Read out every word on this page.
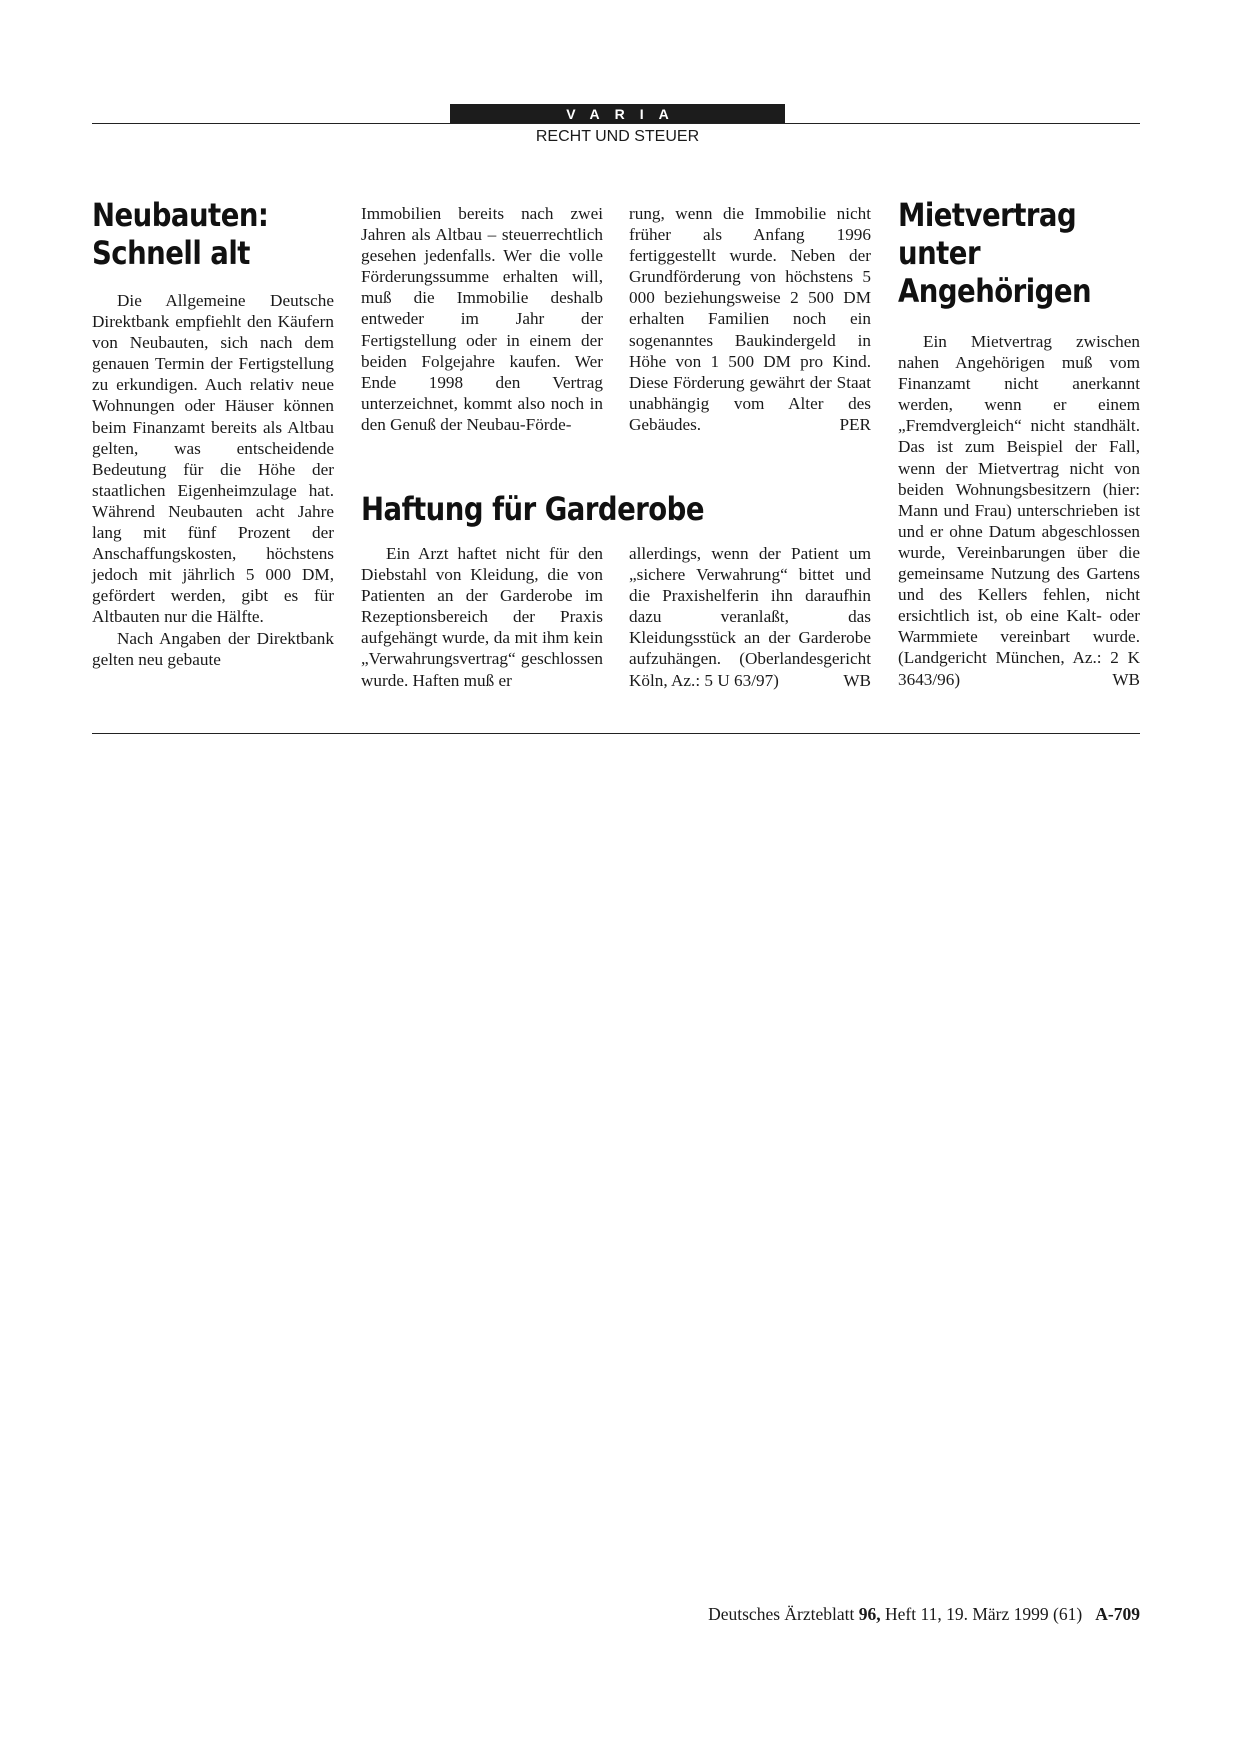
VARIA
RECHT UND STEUER
Neubauten:
Schnell alt

Die Allgemeine Deutsche Direktbank empfiehlt den Käufern von Neubauten, sich nach dem genauen Termin der Fertigstellung zu erkundigen. Auch relativ neue Wohnungen oder Häuser können beim Finanzamt bereits als Altbau gelten, was entscheidende Bedeutung für die Höhe der staatlichen Eigenheimzulage hat. Während Neubauten acht Jahre lang mit fünf Prozent der Anschaffungskosten, höchstens jedoch mit jährlich 5 000 DM, gefördert werden, gibt es für Altbauten nur die Hälfte.

Nach Angaben der Direktbank gelten neu gebaute

Immobilien bereits nach zwei Jahren als Altbau – steuerrechtlich gesehen jedenfalls. Wer die volle Förderungssumme erhalten will, muß die Immobilie deshalb entweder im Jahr der Fertigstellung oder in einem der beiden Folgejahre kaufen. Wer Ende 1998 den Vertrag unterzeichnet, kommt also noch in den Genuß der Neubau-Förde-

rung, wenn die Immobilie nicht früher als Anfang 1996 fertiggestellt wurde. Neben der Grundförderung von höchstens 5 000 beziehungsweise 2 500 DM erhalten Familien noch ein sogenanntes Baukindergeld in Höhe von 1 500 DM pro Kind. Diese Förderung gewährt der Staat unabhängig vom Alter des Gebäudes.	PER

Haftung für Garderobe

Ein Arzt haftet nicht für den Diebstahl von Kleidung, die von Patienten an der Garderobe im Rezeptionsbereich der Praxis aufgehängt wurde, da mit ihm kein „Verwahrungsvertrag“ geschlossen wurde. Haften muß er

allerdings, wenn der Patient um „sichere Verwahrung“ bittet und die Praxishelferin ihn daraufhin dazu veranlaßt, das Kleidungsstück an der Garderobe aufzuhängen. (Oberlandesgericht Köln, Az.: 5 U 63/97)	WB

Mietvertrag
unter
Angehörigen

Ein Mietvertrag zwischen nahen Angehörigen muß vom Finanzamt nicht anerkannt werden, wenn er einem „Fremdvergleich“ nicht standhält. Das ist zum Beispiel der Fall, wenn der Mietvertrag nicht von beiden Wohnungsbesitzern (hier: Mann und Frau) unterschrieben ist und er ohne Datum abgeschlossen wurde, Vereinbarungen über die gemeinsame Nutzung des Gartens und des Kellers fehlen, nicht ersichtlich ist, ob eine Kalt- oder Warmmiete vereinbart wurde. (Landgericht München, Az.: 2 K 3643/96)	WB

Deutsches Ärzteblatt 96, Heft 11, 19. März 1999 (61) A-709
